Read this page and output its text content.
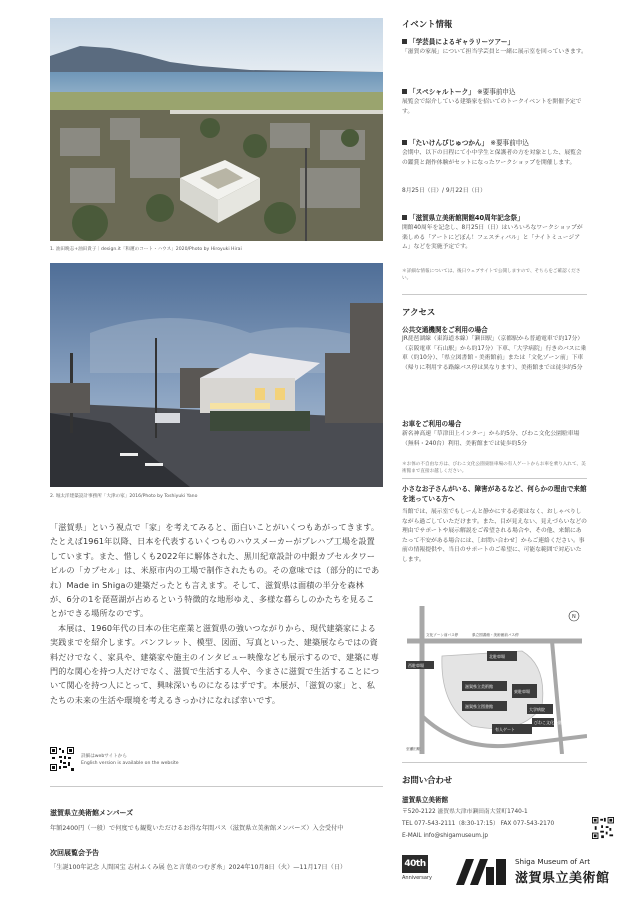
1. 油田晩志+油田貴子｜design.it「和邇のコート・ハウス」2020/Photo by Hiroyuki Hirai
2. 堀太洋建築設計事務所「大津の家」2016/Photo by Toshiyuki Yano

「滋賀県」という視点で「家」を考えてみると、面白いことがいくつもあがってきます。たとえば1961年以降、日本を代表するいくつものハウスメーカーがプレハブ工場を設置しています。また、惜しくも2022年に解体された、黒川紀章設計の中銀カプセルタワービルの「カプセル」は、米原市内の工場で制作されたもの。その意味では（部分的にであれ）Made in Shigaの建築だったとも言えます。そして、滋賀県は面積の半分を森林が、6分の1を琵琶湖が占めるという特徴的な地形ゆえ、多様な暮らしのかたちを見ることができる場所なのです。

本展は、1960年代の日本の住宅産業と滋賀県の強いつながりから、現代建築家による実践までを紹介します。パンフレット、模型、図面、写真といった、建築展ならではの資料だけでなく、家具や、建築家や施主のインタビュー映像なども展示するので、建築に専門的な関心を持つ人だけでなく、滋賀で生活する人や、今まさに滋賀で生活することについて関心を持つ人にとって、興味深いものになるはずです。本展が、「滋賀の家」と、私たちの未来の生活や環境を考えるきっかけになれば幸いです。

詳細はwebサイトから
English version is available on the website
滋賀県立美術館メンバーズ
年額2400円（一般）で何度でも観覧いただけるお得な年間パス（滋賀県立美術館メンバーズ）入会受付中
次回展覧会予告
「生誕100年記念 人間国宝 志村ふくみ展 色と言葉のつむぎ糸」2024年10月8日（火）—11月17日（日）
イベント情報
「学芸員によるギャラリーツアー」
「滋賀の家展」について担当学芸員と一緒に展示室を回っていきます。
「スペシャルトーク」 ※要事前申込
展覧会で紹介している建築家を招いてのトークイベントを開催予定です。
「たいけんびじゅつかん」 ※要事前申込
会期中、以下の日程にて小中学生と保護者の方を対象とした、展覧会の鑑賞と創作体験がセットになったワークショップを開催します。
8月25日（日）/ 9月22日（日）
「滋賀県立美術館開館40周年記念祭」
開館40周年を記念し、8月25日（日）はいろいろなワークショップが楽しめる「アートにどぼん！フェスティバル」と「ナイトミュージアム」などを実施予定です。
＊詳細な情報については、後日ウェブサイトで公開しますので、そちらをご確認ください。
アクセス
公共交通機関をご利用の場合
JR琵琶湖線（東海道本線）「瀬田駅」（京都駅から普通電車で約17分）（京阪電車「石山駅」から約17分）下車、「大学病院」行きのバスに乗車（約10分）、「県立図書館・美術館前」または「文化ゾーン前」下車（帰りに利用する路線バス停は異なります）、美術館までは徒歩約5分
お車をご利用の場合
新名神高速「草津田上インター」から約5分、びわこ文化公園駐車場（無料・240台）利用、美術館までは徒歩約5分
＊お体の不自由な方は、びわこ文化公園東駐車場の有人ゲートからお車を乗り入れて、美術館まで直接お越しください。
小さなお子さんがいる、障害があるなど、何らかの理由で来館を迷っている方へ
当館では、展示室でもしーんと静かにする必要はなく、おしゃべりしながら過ごしていただけます。また、目が見えない、見えづらいなどの理由でサポートや展示解説をご希望される場合や、その他、来館にあたって不安がある場合には、［お問い合わせ］からご連絡ください。事前の情報提供や、当日のサポートのご希望に、可能な範囲で対応いたします。
滋賀県立美術館
滋賀県立図書館
東駐車場
大学病院
びわこ文化公園
北駐車場
西駐車場
有人ゲート
文化ゾーン前バス停	県立図書館・美術館前バス停
至瀬田駅
N
お問い合わせ
滋賀県立美術館
〒520-2122 滋賀県大津市瀬田南大萱町1740-1
TEL 077-543-2111（8:30-17:15） FAX 077-543-2170
E-MAIL info@shigamuseum.jp
40th
Anniversary
Shiga Museum of Art
滋賀県立美術館
